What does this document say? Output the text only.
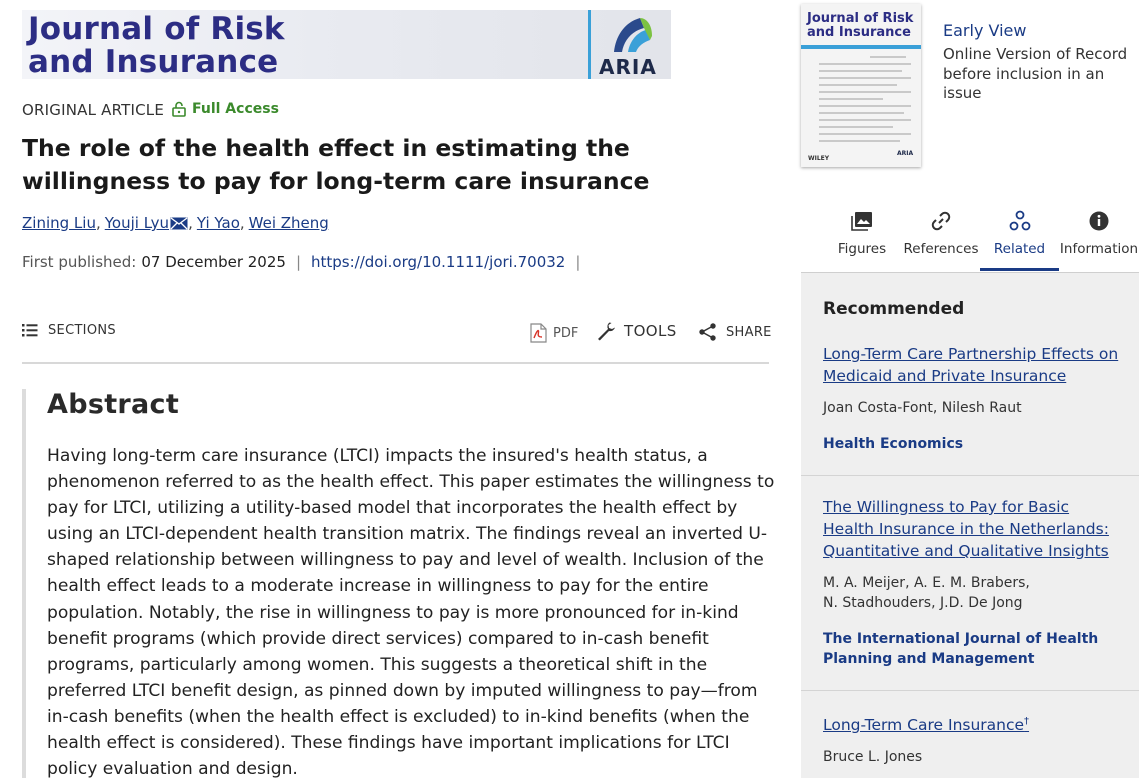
Journal of Risk
and Insurance	ARIA
ORIGINAL ARTICLE Full Access
The role of the health effect in estimating the willingness to pay for long-term care insurance
Zining Liu , Youji Lyu , Yi Yao , Wei Zheng
First published: 07 December 2025 | https://doi.org/10.1111/jori.70032 |
SECTIONS	PDF	TOOLS	SHARE
Abstract

Having long-term care insurance (LTCI) impacts the insured's health status, a phenomenon referred to as the health effect. This paper estimates the willingness to pay for LTCI, utilizing a utility-based model that incorporates the health effect by using an LTCI-dependent health transition matrix. The findings reveal an inverted U-shaped relationship between willingness to pay and level of wealth. Inclusion of the health effect leads to a moderate increase in willingness to pay for the entire population. Notably, the rise in willingness to pay is more pronounced for in-kind benefit programs (which provide direct services) compared to in-cash benefit programs, particularly among women. This suggests a theoretical shift in the preferred LTCI benefit design, as pinned down by imputed willingness to pay—from in-cash benefits (when the health effect is excluded) to in-kind benefits (when the health effect is considered). These findings have important implications for LTCI policy evaluation and design.

Journal of Risk
and Insurance
WILEY
ARIA
Early View
Online Version of Record
before inclusion in an issue
Figures	References	Related	Information
Recommended
Long-Term Care Partnership Effects on Medicaid and Private Insurance
Joan Costa-Font, Nilesh Raut
Health Economics
The Willingness to Pay for Basic Health Insurance in the Netherlands: Quantitative and Qualitative Insights
M. A. Meijer, A. E. M. Brabers,
N. Stadhouders, J.D. De Jong
The International Journal of Health Planning and Management
Long-Term Care Insurance†
Bruce L. Jones
